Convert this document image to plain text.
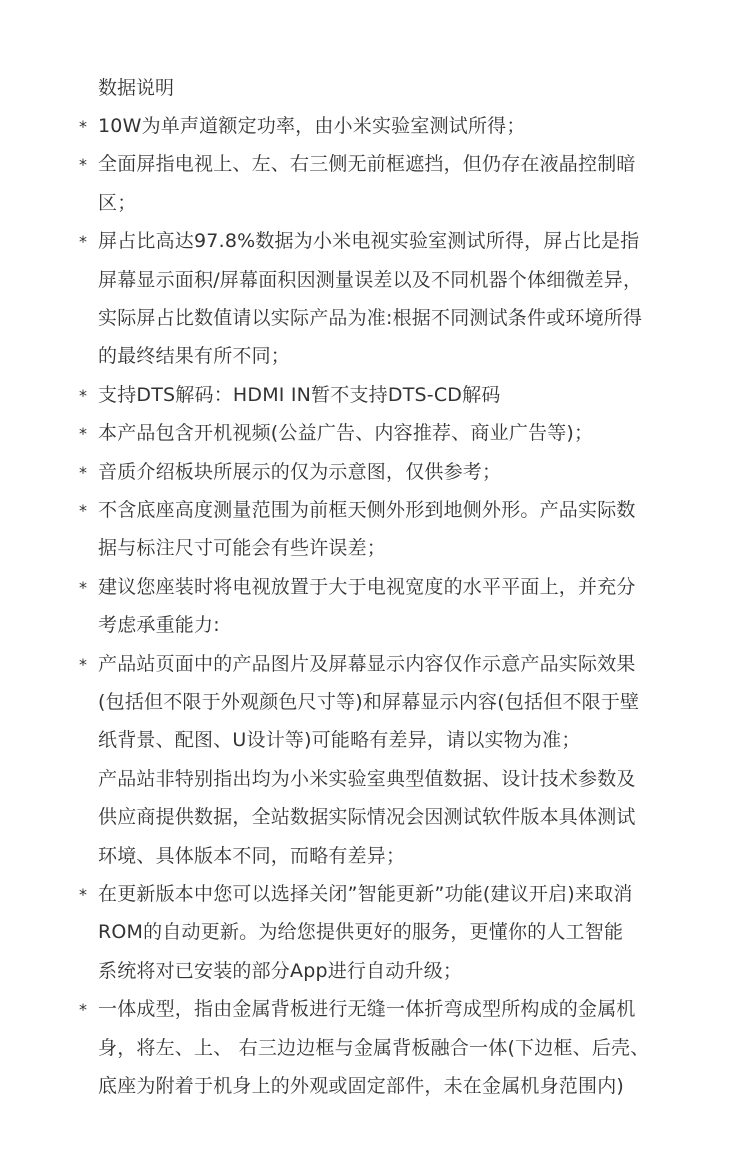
数据说明
* 10W为单声道额定功率，由小米实验室测试所得；
* 全面屏指电视上、左、右三侧无前框遮挡，但仍存在液晶控制暗
区；
* 屏占比高达97.8%数据为小米电视实验室测试所得，屏占比是指
屏幕显示面积/屏幕面积因测量误差以及不同机器个体细微差异，
实际屏占比数值请以实际产品为准:根据不同测试条件或环境所得
的最终结果有所不同；
* 支持DTS解码：HDMI IN暂不支持DTS-CD解码
* 本产品包含开机视频(公益广告、内容推荐、商业广告等)；
* 音质介绍板块所展示的仅为示意图，仅供参考；
* 不含底座高度测量范围为前框天侧外形到地侧外形。产品实际数
据与标注尺寸可能会有些许误差；
* 建议您座装时将电视放置于大于电视宽度的水平平面上，并充分
考虑承重能力:
* 产品站页面中的产品图片及屏幕显示内容仅作示意产品实际效果
(包括但不限于外观颜色尺寸等)和屏幕显示内容(包括但不限于壁
纸背景、配图、U设计等)可能略有差异，请以实物为准；
产品站非特别指出均为小米实验室典型值数据、设计技术参数及
供应商提供数据，全站数据实际情况会因测试软件版本具体测试
环境、具体版本不同，而略有差异；
* 在更新版本中您可以选择关闭”智能更新”功能(建议开启)来取消
ROM的自动更新。为给您提供更好的服务，更懂你的人工智能
系统将对已安装的部分App进行自动升级；
* 一体成型，指由金属背板进行无缝一体折弯成型所构成的金属机
身，将左、上、 右三边边框与金属背板融合一体(下边框、后壳、
底座为附着于机身上的外观或固定部件，未在金属机身范围内)
